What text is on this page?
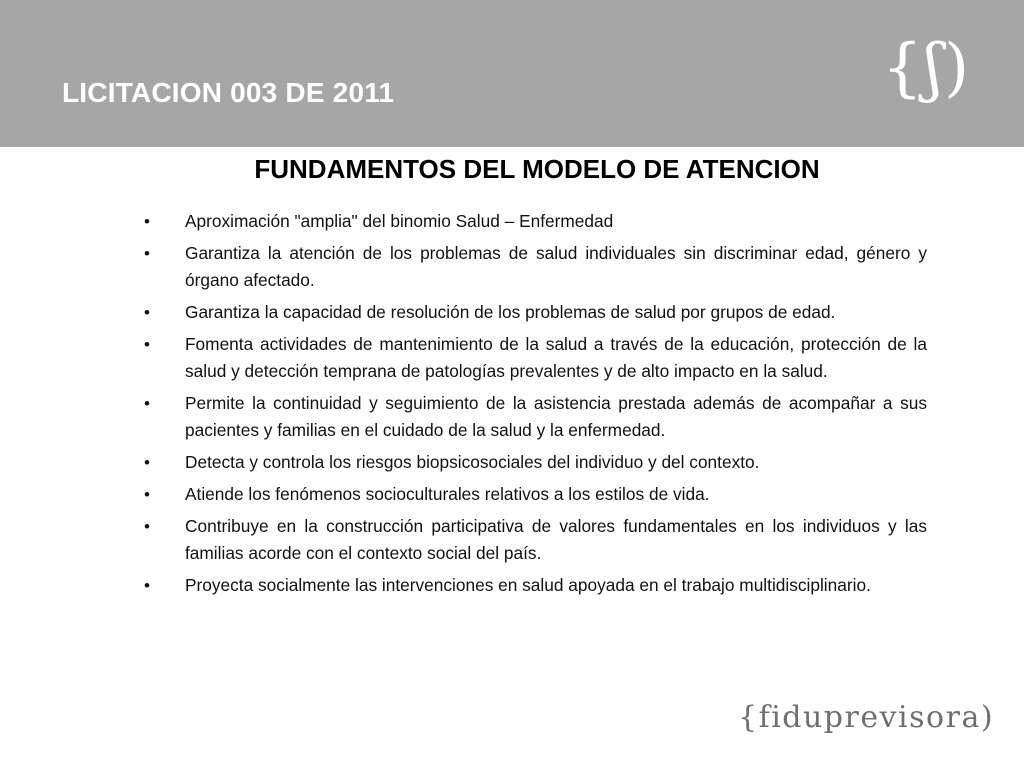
LICITACION 003 DE 2011	{ʃ)
FUNDAMENTOS DEL MODELO DE ATENCION
• Aproximación "amplia" del binomio Salud – Enfermedad
• Garantiza la atención de los problemas de salud individuales sin discriminar edad, género y órgano afectado.
• Garantiza la capacidad de resolución de los problemas de salud por grupos de edad.
• Fomenta actividades de mantenimiento de la salud a través de la educación, protección de la salud y detección temprana de patologías prevalentes y de alto impacto en la salud.
• Permite la continuidad y seguimiento de la asistencia prestada además de acompañar a sus pacientes y familias en el cuidado de la salud y la enfermedad.
• Detecta y controla los riesgos biopsicosociales del individuo y del contexto.
• Atiende los fenómenos socioculturales relativos a los estilos de vida.
• Contribuye en la construcción participativa de valores fundamentales en los individuos y las familias acorde con el contexto social del país.
• Proyecta socialmente las intervenciones en salud apoyada en el trabajo multidisciplinario.
{fiduprevisora)
